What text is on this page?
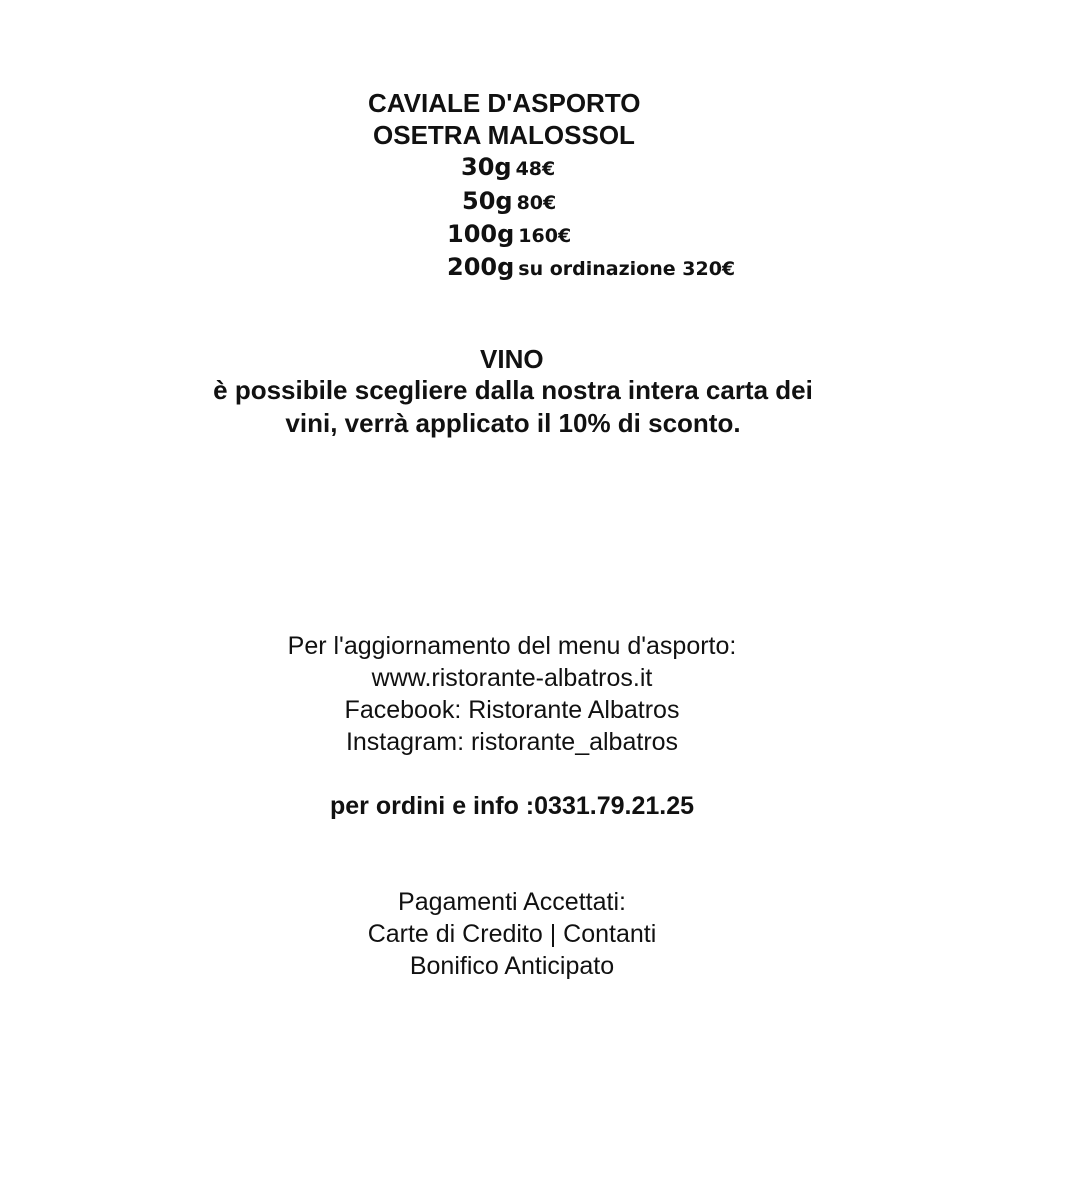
CAVIALE D'ASPORTO
OSETRA MALOSSOL
30g 48€
50g 80€
100g 160€
200g su ordinazione 320€
VINO
è possibile scegliere dalla nostra intera carta dei
vini, verrà applicato il 10% di sconto.
Per l'aggiornamento del menu d'asporto:
www.ristorante-albatros.it
Facebook: Ristorante Albatros
Instagram: ristorante_albatros
per ordini e info :0331.79.21.25
Pagamenti Accettati:
Carte di Credito | Contanti
Bonifico Anticipato
